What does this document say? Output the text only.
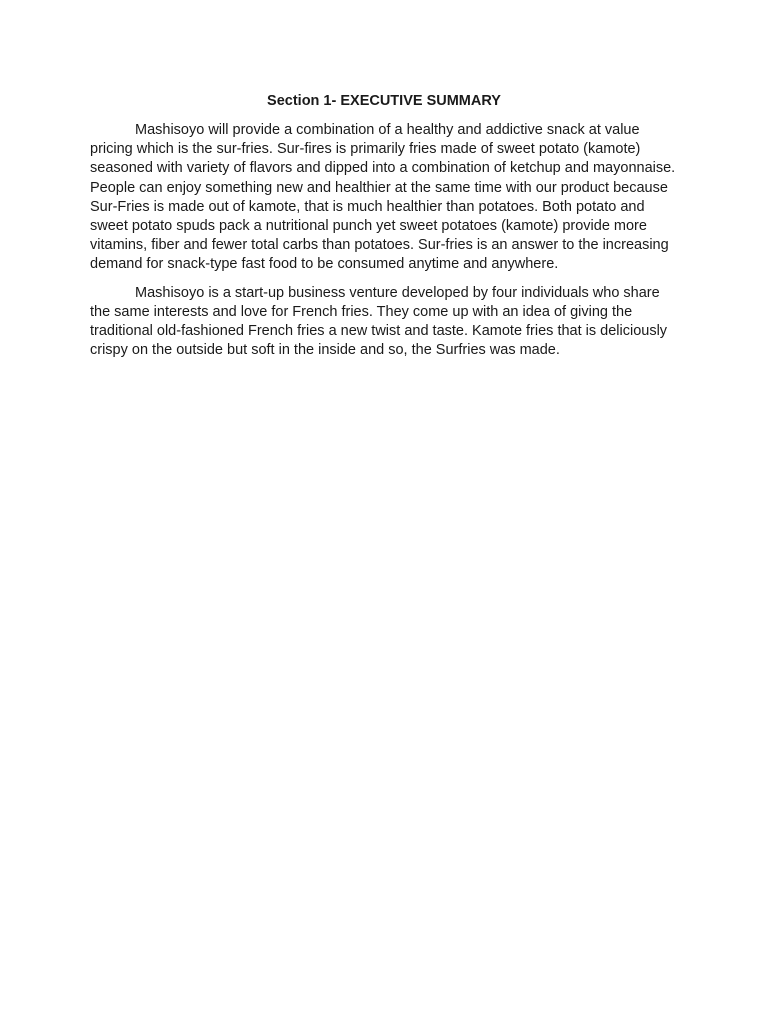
Section 1- EXECUTIVE SUMMARY

Mashisoyo will provide a combination of a healthy and addictive snack at value pricing which is the sur-fries. Sur-fires is primarily fries made of sweet potato (kamote) seasoned with variety of flavors and dipped into a combination of ketchup and mayonnaise. People can enjoy something new and healthier at the same time with our product because Sur-Fries is made out of kamote, that is much healthier than potatoes. Both potato and sweet potato spuds pack a nutritional punch yet sweet potatoes (kamote) provide more vitamins, fiber and fewer total carbs than potatoes. Sur-fries is an answer to the increasing demand for snack-type fast food to be consumed anytime and anywhere.

Mashisoyo is a start-up business venture developed by four individuals who share the same interests and love for French fries. They come up with an idea of giving the traditional old-fashioned French fries a new twist and taste. Kamote fries that is deliciously crispy on the outside but soft in the inside and so, the Surfries was made.
